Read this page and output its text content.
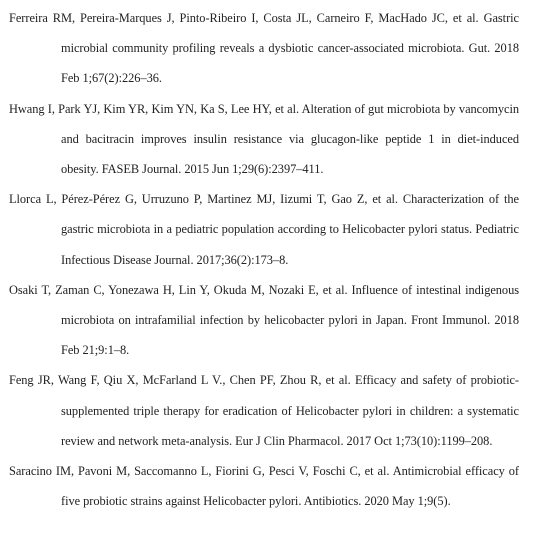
Ferreira RM, Pereira-Marques J, Pinto-Ribeiro I, Costa JL, Carneiro F, MacHado JC, et al. Gastric microbial community profiling reveals a dysbiotic cancer-associated microbiota. Gut. 2018 Feb 1;67(2):226–36.
Hwang I, Park YJ, Kim YR, Kim YN, Ka S, Lee HY, et al. Alteration of gut microbiota by vancomycin and bacitracin improves insulin resistance via glucagon-like peptide 1 in diet-induced obesity. FASEB Journal. 2015 Jun 1;29(6):2397–411.
Llorca L, Pérez-Pérez G, Urruzuno P, Martinez MJ, Iizumi T, Gao Z, et al. Characterization of the gastric microbiota in a pediatric population according to Helicobacter pylori status. Pediatric Infectious Disease Journal. 2017;36(2):173–8.
Osaki T, Zaman C, Yonezawa H, Lin Y, Okuda M, Nozaki E, et al. Influence of intestinal indigenous microbiota on intrafamilial infection by helicobacter pylori in Japan. Front Immunol. 2018 Feb 21;9:1–8.
Feng JR, Wang F, Qiu X, McFarland L V., Chen PF, Zhou R, et al. Efficacy and safety of probiotic-supplemented triple therapy for eradication of Helicobacter pylori in children: a systematic review and network meta-analysis. Eur J Clin Pharmacol. 2017 Oct 1;73(10):1199–208.
Saracino IM, Pavoni M, Saccomanno L, Fiorini G, Pesci V, Foschi C, et al. Antimicrobial efficacy of five probiotic strains against Helicobacter pylori. Antibiotics. 2020 May 1;9(5).
